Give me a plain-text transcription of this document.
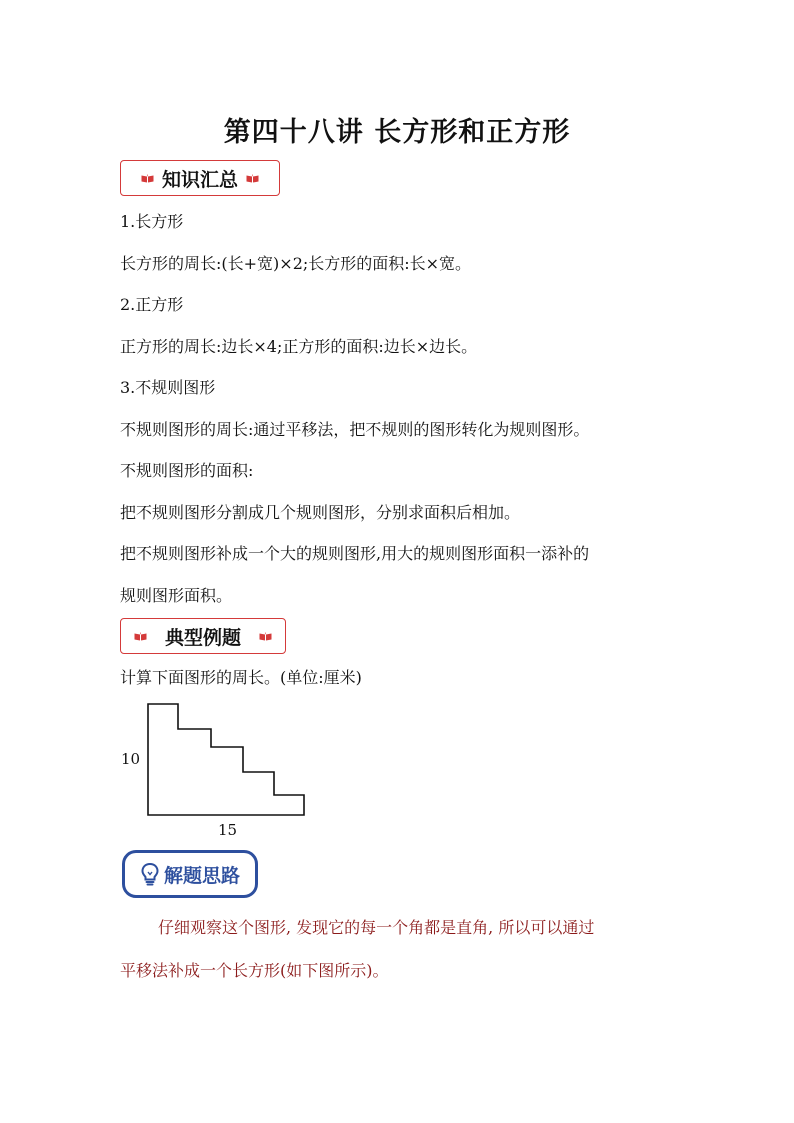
第四十八讲 长方形和正方形
知识汇总
1.长方形
长方形的周长:(长+宽)×2;长方形的面积:长×宽。
2.正方形
正方形的周长:边长×4;正方形的面积:边长×边长。
3.不规则图形
不规则图形的周长:通过平移法，把不规则的图形转化为规则图形。
不规则图形的面积:
把不规则图形分割成几个规则图形，分别求面积后相加。
把不规则图形补成一个大的规则图形,用大的规则图形面积一添补的
规则图形面积。
典型例题
计算下面图形的周长。(单位:厘米)
10
15
解题思路
仔细观察这个图形, 发现它的每一个角都是直角, 所以可以通过
平移法补成一个长方形(如下图所示)。
